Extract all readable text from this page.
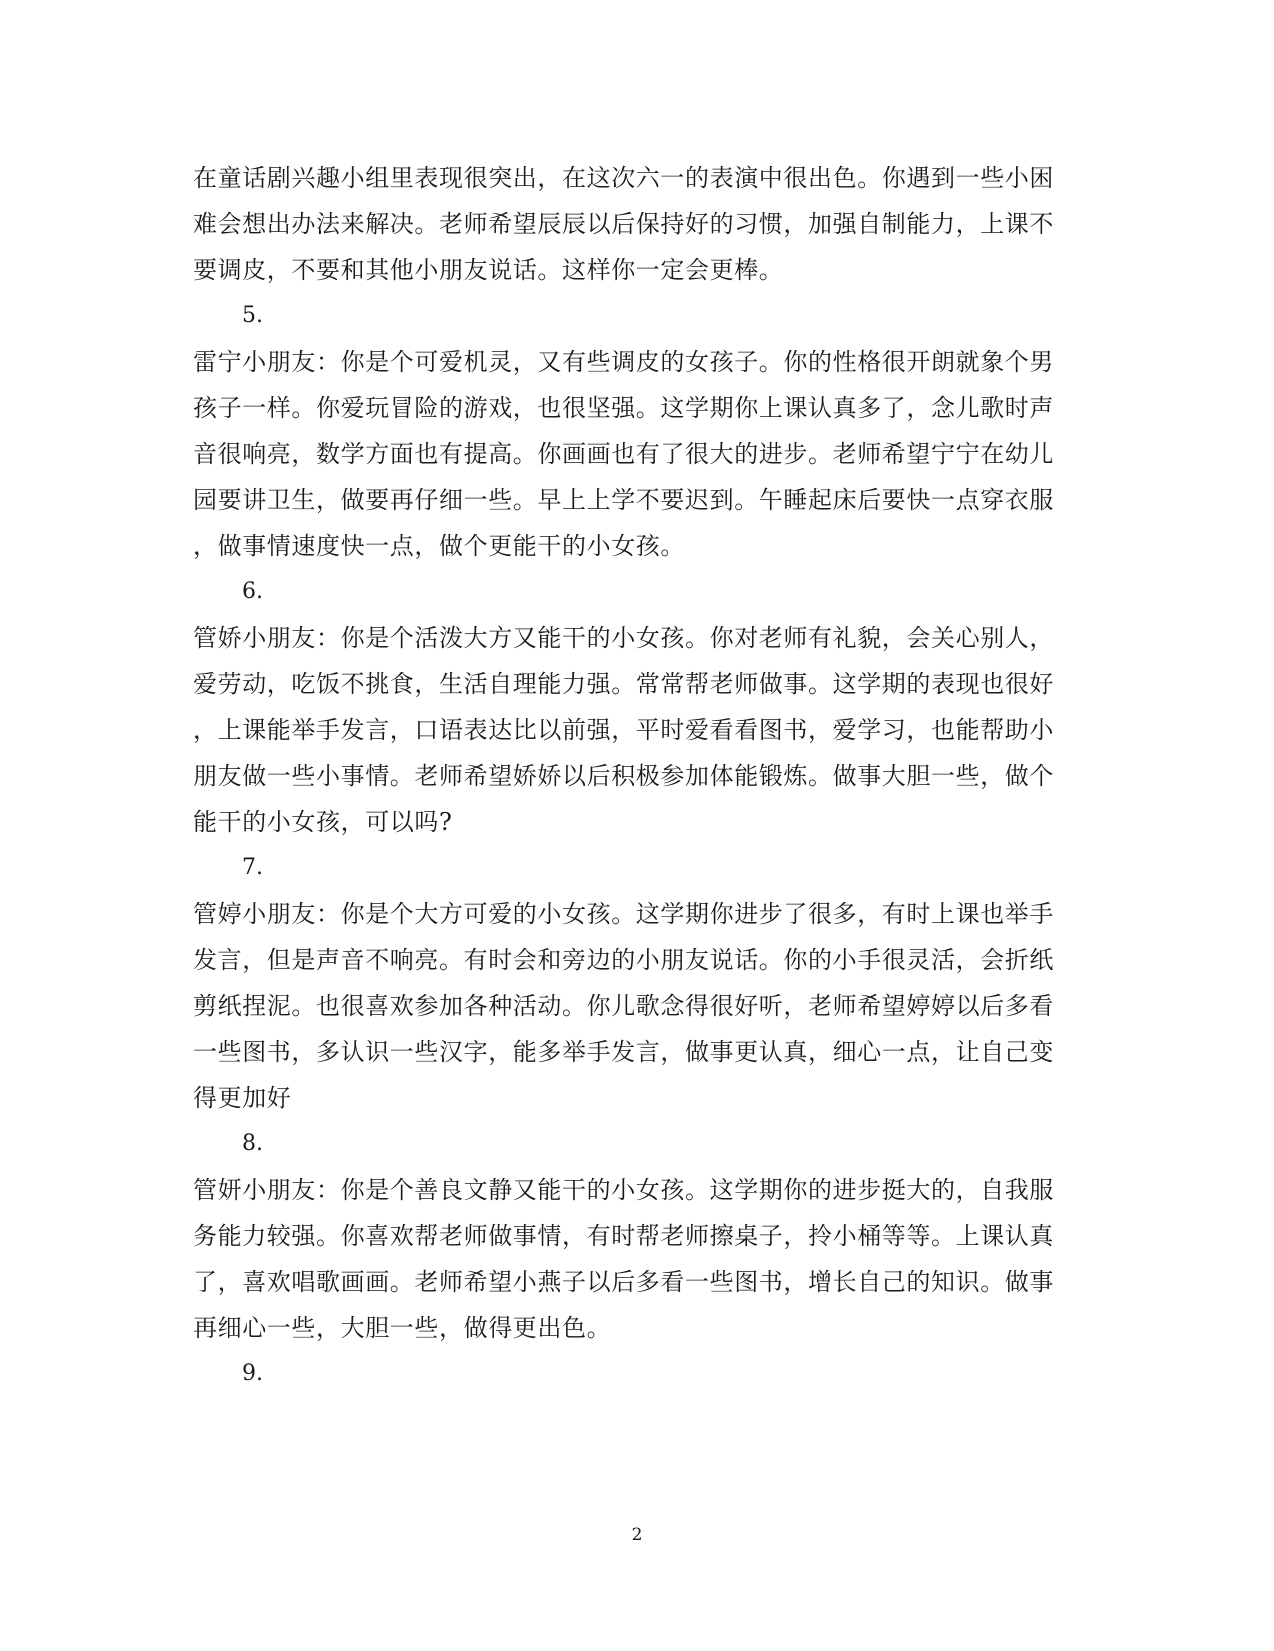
在童话剧兴趣小组里表现很突出，在这次六一的表演中很出色。你遇到一些小困
难会想出办法来解决。老师希望辰辰以后保持好的习惯，加强自制能力，上课不
要调皮，不要和其他小朋友说话。这样你一定会更棒。
5.
雷宁小朋友：你是个可爱机灵，又有些调皮的女孩子。你的性格很开朗就象个男
孩子一样。你爱玩冒险的游戏，也很坚强。这学期你上课认真多了，念儿歌时声
音很响亮，数学方面也有提高。你画画也有了很大的进步。老师希望宁宁在幼儿
园要讲卫生，做要再仔细一些。早上上学不要迟到。午睡起床后要快一点穿衣服
，做事情速度快一点，做个更能干的小女孩。
6.
管娇小朋友：你是个活泼大方又能干的小女孩。你对老师有礼貌，会关心别人，
爱劳动，吃饭不挑食，生活自理能力强。常常帮老师做事。这学期的表现也很好
，上课能举手发言，口语表达比以前强，平时爱看看图书，爱学习，也能帮助小
朋友做一些小事情。老师希望娇娇以后积极参加体能锻炼。做事大胆一些，做个
能干的小女孩，可以吗?
7.
管婷小朋友：你是个大方可爱的小女孩。这学期你进步了很多，有时上课也举手
发言，但是声音不响亮。有时会和旁边的小朋友说话。你的小手很灵活，会折纸
剪纸捏泥。也很喜欢参加各种活动。你儿歌念得很好听，老师希望婷婷以后多看
一些图书，多认识一些汉字，能多举手发言，做事更认真，细心一点，让自己变
得更加好
8.
管妍小朋友：你是个善良文静又能干的小女孩。这学期你的进步挺大的，自我服
务能力较强。你喜欢帮老师做事情，有时帮老师擦桌子，拎小桶等等。上课认真
了，喜欢唱歌画画。老师希望小燕子以后多看一些图书，增长自己的知识。做事
再细心一些，大胆一些，做得更出色。
9.
2
